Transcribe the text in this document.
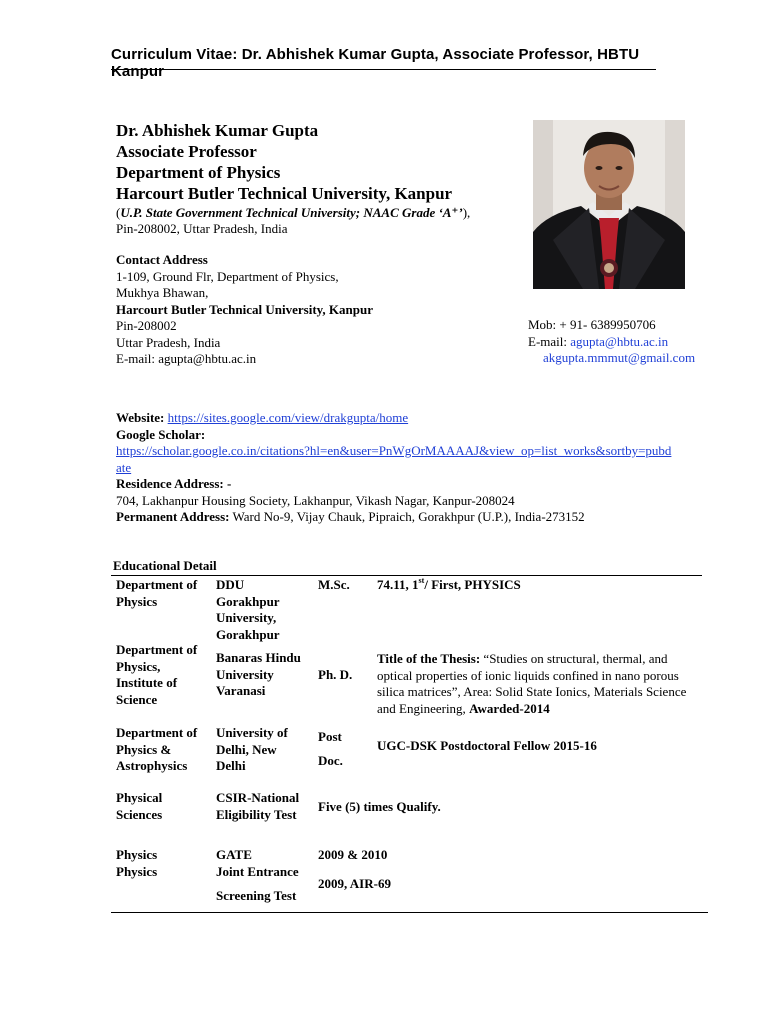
Curriculum Vitae: Dr. Abhishek Kumar Gupta, Associate Professor, HBTU Kanpur
Dr. Abhishek Kumar Gupta
Associate Professor
Department of Physics
Harcourt Butler Technical University, Kanpur
(U.P. State Government Technical University; NAAC Grade ‘A⁺’), Pin-208002, Uttar Pradesh, India
Contact Address
1-109, Ground Flr, Department of Physics,
Mukhya Bhawan,
Harcourt Butler Technical University, Kanpur
Pin-208002
Uttar Pradesh, India
E-mail: agupta@hbtu.ac.in
Mob: + 91- 6389950706
E-mail: agupta@hbtu.ac.in
akgupta.mmmut@gmail.com
Website: https://sites.google.com/view/drakgupta/home
Google Scholar:
https://scholar.google.co.in/citations?hl=en&user=PnWgOrMAAAAJ&view_op=list_works&sortby=pubd
ate
Residence Address: -
704, Lakhanpur Housing Society, Lakhanpur, Vikash Nagar, Kanpur-208024
Permanent Address: Ward No-9, Vijay Chauk, Pipraich, Gorakhpur (U.P.), India-273152
Educational Detail
Department of Physics
DDU Gorakhpur University, Gorakhpur
M.Sc.	74.11, 1st/ First, PHYSICS
Department of Physics, Institute of Science
Banaras Hindu University Varanasi
Ph. D.
Title of the Thesis: “Studies on structural, thermal, and optical properties of ionic liquids confined in nano porous silica matrices”, Area: Solid State Ionics, Materials Science and Engineering, Awarded-2014
Department of Physics & Astrophysics
University of Delhi, New Delhi
Post
Doc.
UGC-DSK Postdoctoral Fellow 2015-16
Physical Sciences
CSIR-National Eligibility Test	Five (5) times Qualify.
Physics
Physics
GATE
Joint Entrance
Screening Test
2009 & 2010
2009, AIR-69
